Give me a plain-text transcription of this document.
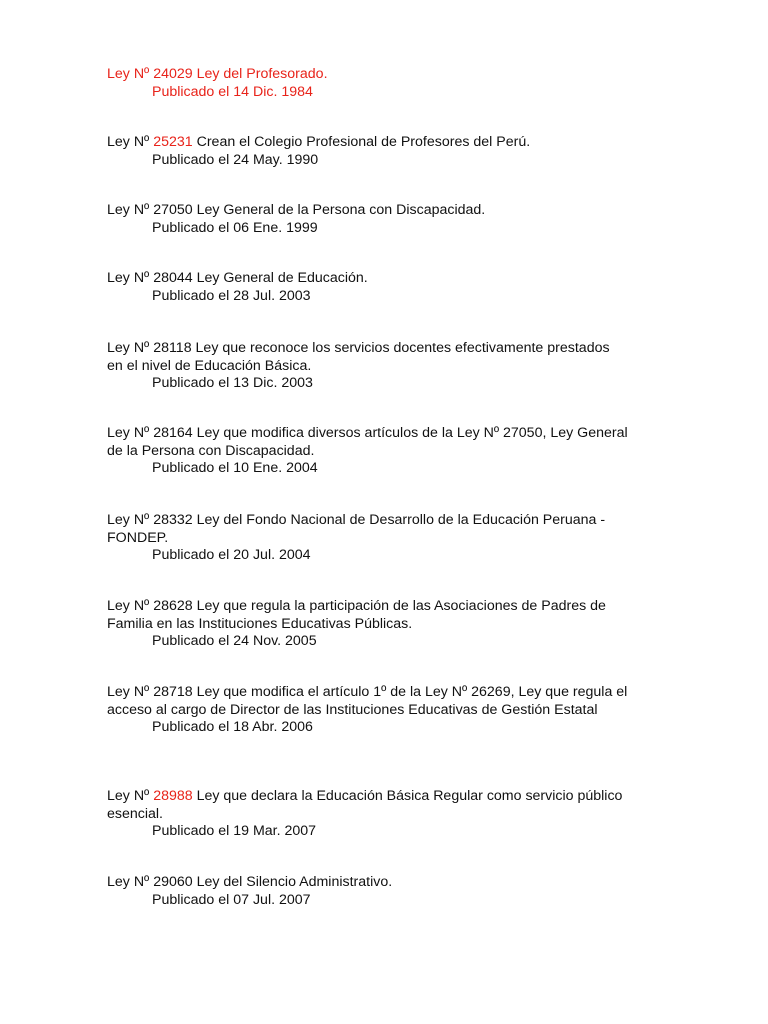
Ley Nº 24029 Ley del Profesorado.
Publicado el 14 Dic. 1984
Ley Nº 25231 Crean el Colegio Profesional de Profesores del Perú.
Publicado el 24 May. 1990
Ley Nº 27050 Ley General de la Persona con Discapacidad.
Publicado el 06 Ene. 1999
Ley Nº 28044 Ley General de Educación.
Publicado el 28 Jul. 2003
Ley Nº 28118 Ley que reconoce los servicios docentes efectivamente prestados
en el nivel de Educación Básica.
Publicado el 13 Dic. 2003
Ley Nº 28164 Ley que modifica diversos artículos de la Ley Nº 27050, Ley General
de la Persona con Discapacidad.
Publicado el 10 Ene. 2004
Ley Nº 28332 Ley del Fondo Nacional de Desarrollo de la Educación Peruana -
FONDEP.
Publicado el 20 Jul. 2004
Ley Nº 28628 Ley que regula la participación de las Asociaciones de Padres de
Familia en las Instituciones Educativas Públicas.
Publicado el 24 Nov. 2005
Ley Nº 28718 Ley que modifica el artículo 1º de la Ley Nº 26269, Ley que regula el
acceso al cargo de Director de las Instituciones Educativas de Gestión Estatal
Publicado el 18 Abr. 2006
Ley Nº 28988 Ley que declara la Educación Básica Regular como servicio público
esencial.
Publicado el 19 Mar. 2007
Ley Nº 29060 Ley del Silencio Administrativo.
Publicado el 07 Jul. 2007
